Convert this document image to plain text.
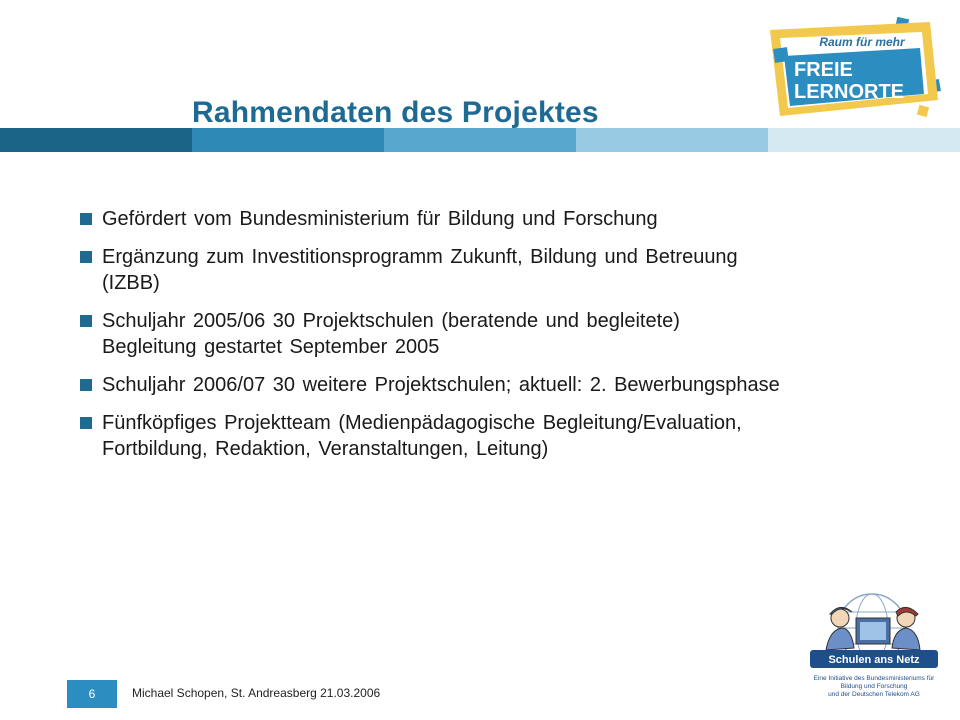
Rahmendaten des Projektes
Raum für mehr
FREIE
LERNORTE
Gefördert vom Bundesministerium für Bildung und Forschung
Ergänzung zum Investitionsprogramm Zukunft, Bildung und Betreuung
(IZBB)
Schuljahr 2005/06 30 Projektschulen (beratende und begleitete)
Begleitung gestartet September 2005
Schuljahr 2006/07 30 weitere Projektschulen; aktuell: 2. Bewerbungsphase
Fünfköpfiges Projektteam (Medienpädagogische Begleitung/Evaluation,
Fortbildung, Redaktion, Veranstaltungen, Leitung)
Schulen ans Netz
Eine Initiative des Bundesministeriums für
Bildung und Forschung
und der Deutschen Telekom AG
6	Michael Schopen, St. Andreasberg 21.03.2006
